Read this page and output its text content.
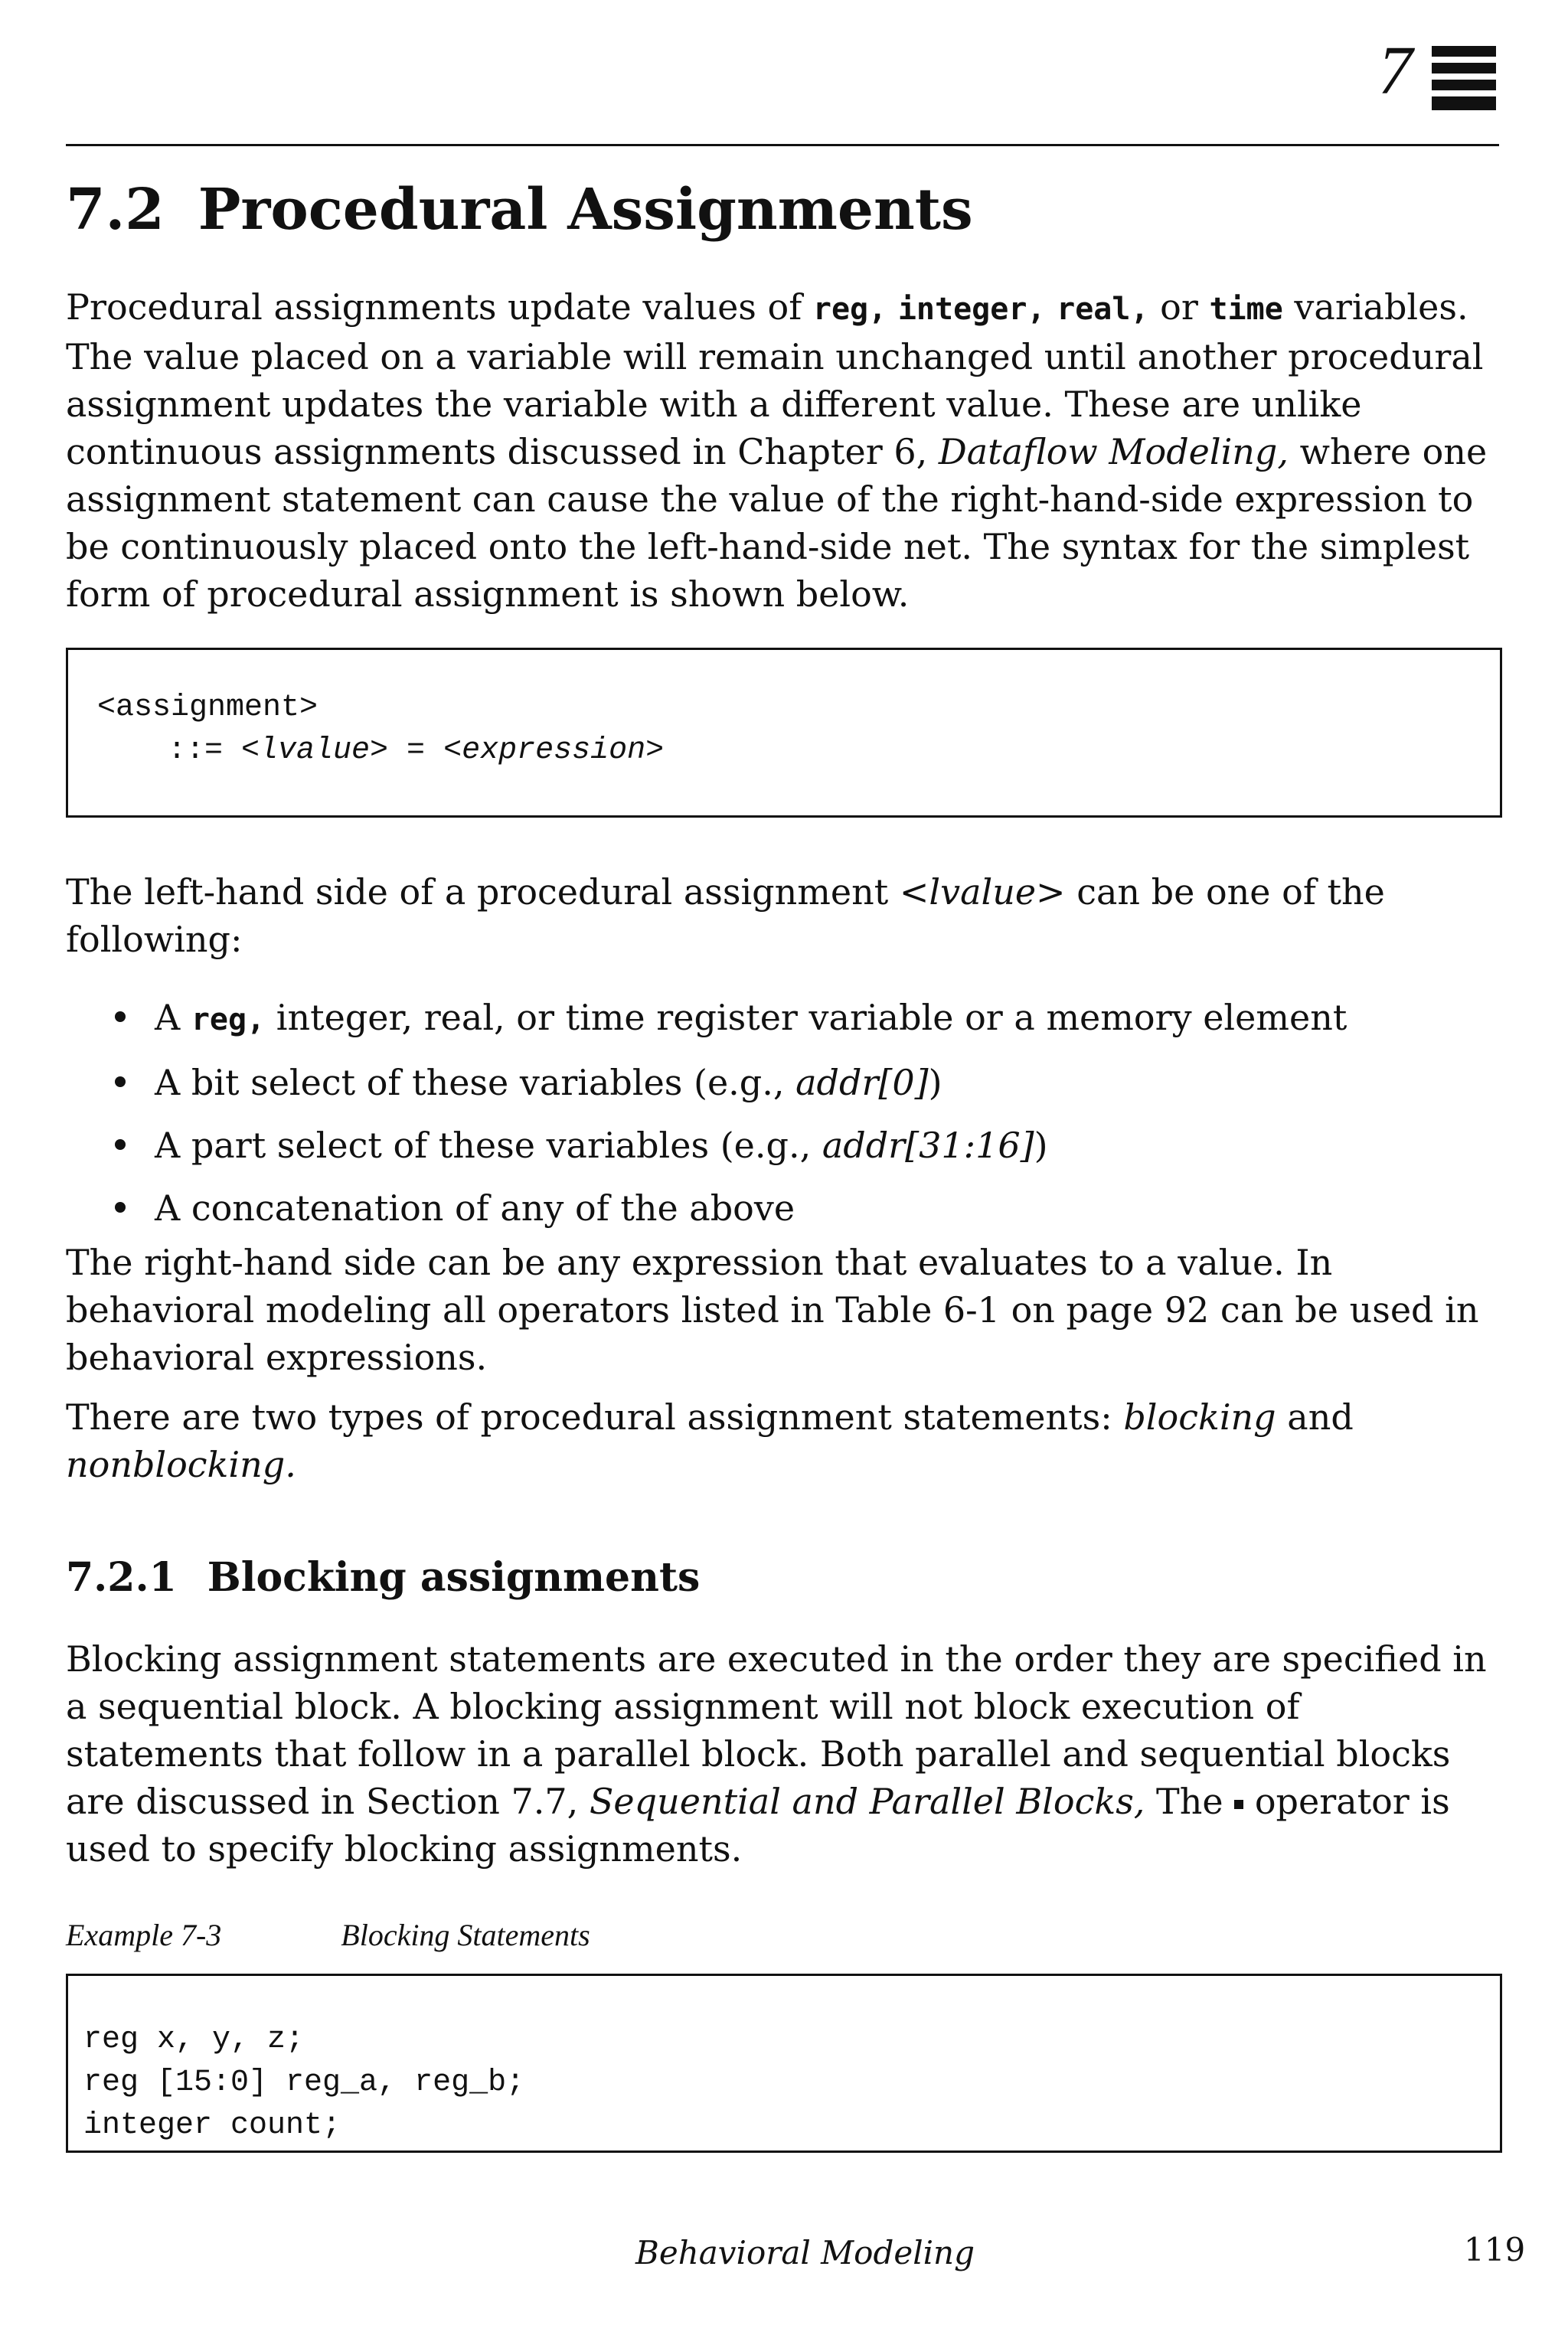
7
7.2 Procedural Assignments

Procedural assignments update values of reg, integer, real, or time variables. The value placed on a variable will remain unchanged until another procedural assignment updates the variable with a different value. These are unlike continuous assignments discussed in Chapter 6, Dataflow Modeling, where one assignment statement can cause the value of the right-hand-side expression to be continuously placed onto the left-hand-side net. The syntax for the simplest form of procedural assignment is shown below.

<assignment>
::= <lvalue> = <expression>

The left-hand side of a procedural assignment <lvalue> can be one of the following:

A reg, integer, real, or time register variable or a memory element
A bit select of these variables (e.g., addr[0])
A part select of these variables (e.g., addr[31:16])
A concatenation of any of the above

The right-hand side can be any expression that evaluates to a value. In behavioral modeling all operators listed in Table 6-1 on page 92 can be used in behavioral expressions.

There are two types of procedural assignment statements: blocking and nonblocking.

7.2.1 Blocking assignments

Blocking assignment statements are executed in the order they are specified in a sequential block. A blocking assignment will not block execution of statements that follow in a parallel block. Both parallel and sequential blocks are discussed in Section 7.7, Sequential and Parallel Blocks, The  operator is used to specify blocking assignments.

Example 7-3	Blocking Statements
reg x, y, z;
reg [15:0] reg_a, reg_b;
integer count;
Behavioral Modeling	119
